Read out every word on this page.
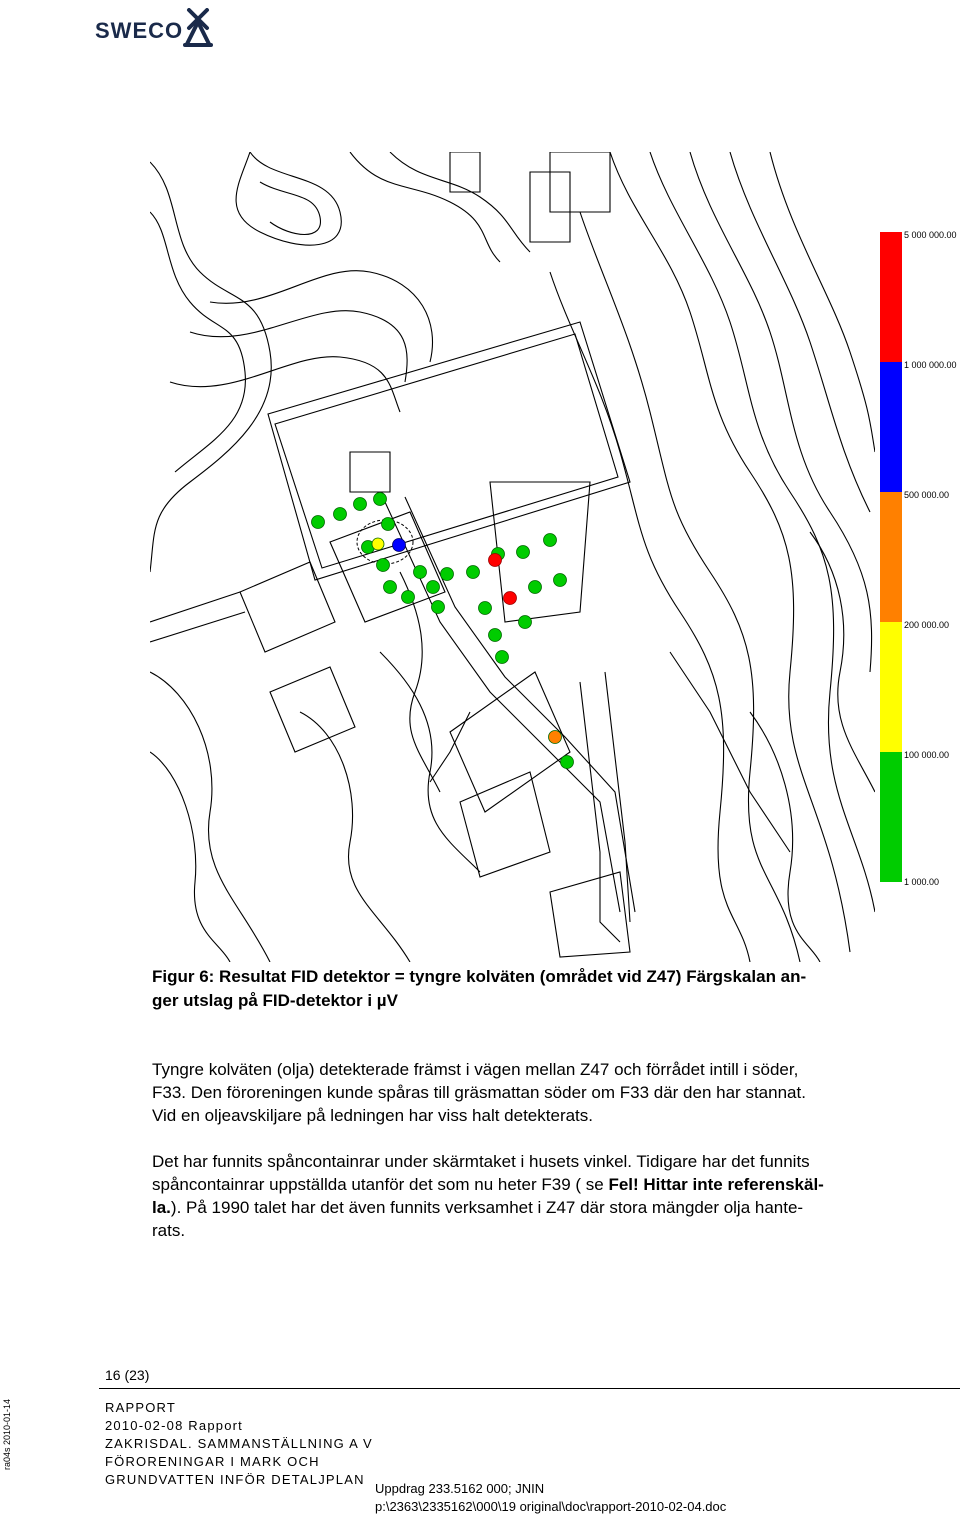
SWECO
5 000 000.00
1 000 000.00
500 000.00
200 000.00
100 000.00
1 000.00
Figur 6: Resultat FID detektor = tyngre kolväten (området vid Z47) Färgskalan an-
ger utslag på FID-detektor i µV
Tyngre kolväten (olja) detekterade främst i vägen mellan Z47 och förrådet intill i söder,
F33. Den föroreningen kunde spåras till gräsmattan söder om F33 där den har stannat.
Vid en oljeavskiljare på ledningen har viss halt detekterats.
Det har funnits spåncontainrar under skärmtaket i husets vinkel. Tidigare har det funnits
spåncontainrar uppställda utanför det som nu heter F39 ( se Fel! Hittar inte referenskäl-
la.). På 1990 talet har det även funnits verksamhet i Z47 där stora mängder olja hante-
rats.
16 (23)
ra04s 2010-01-14	RAPPORT
2010-02-08 Rapport
ZAKRISDAL. SAMMANSTÄLLNING A V
FÖRORENINGAR I MARK OCH
GRUNDVATTEN INFÖR DETALJPLAN
Uppdrag 233.5162 000; JNIN
p:\2363\2335162\000\19 original\doc\rapport-2010-02-04.doc
